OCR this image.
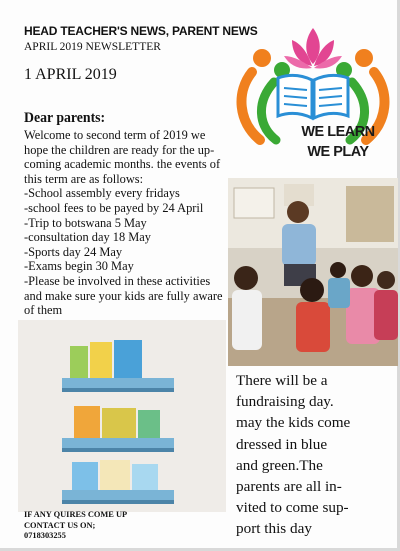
HEAD TEACHER'S NEWS, PARENT NEWS
APRIL 2019 NEWSLETTER
1 APRIL 2019
Dear parents:

Welcome to second term of 2019 we

hope the children are ready for the up-

coming academic months. the events of

this term are as follows:

-School assembly every fridays

-school fees to be payed by 24 April

-Trip to botswana 5 May

-consultation day 18 May

-Sports day 24 May

-Exams begin 30 May

-Please be involved in these activities

and make sure your kids are fully aware

of them

WE LEARN
WE PLAY

There will be a

fundraising day.

may the kids come

dressed in blue

and green.The

parents are all in-

vited to come sup-

port this day

IF ANY QUIRES COME UP

CONTACT US ON;

0718303255
